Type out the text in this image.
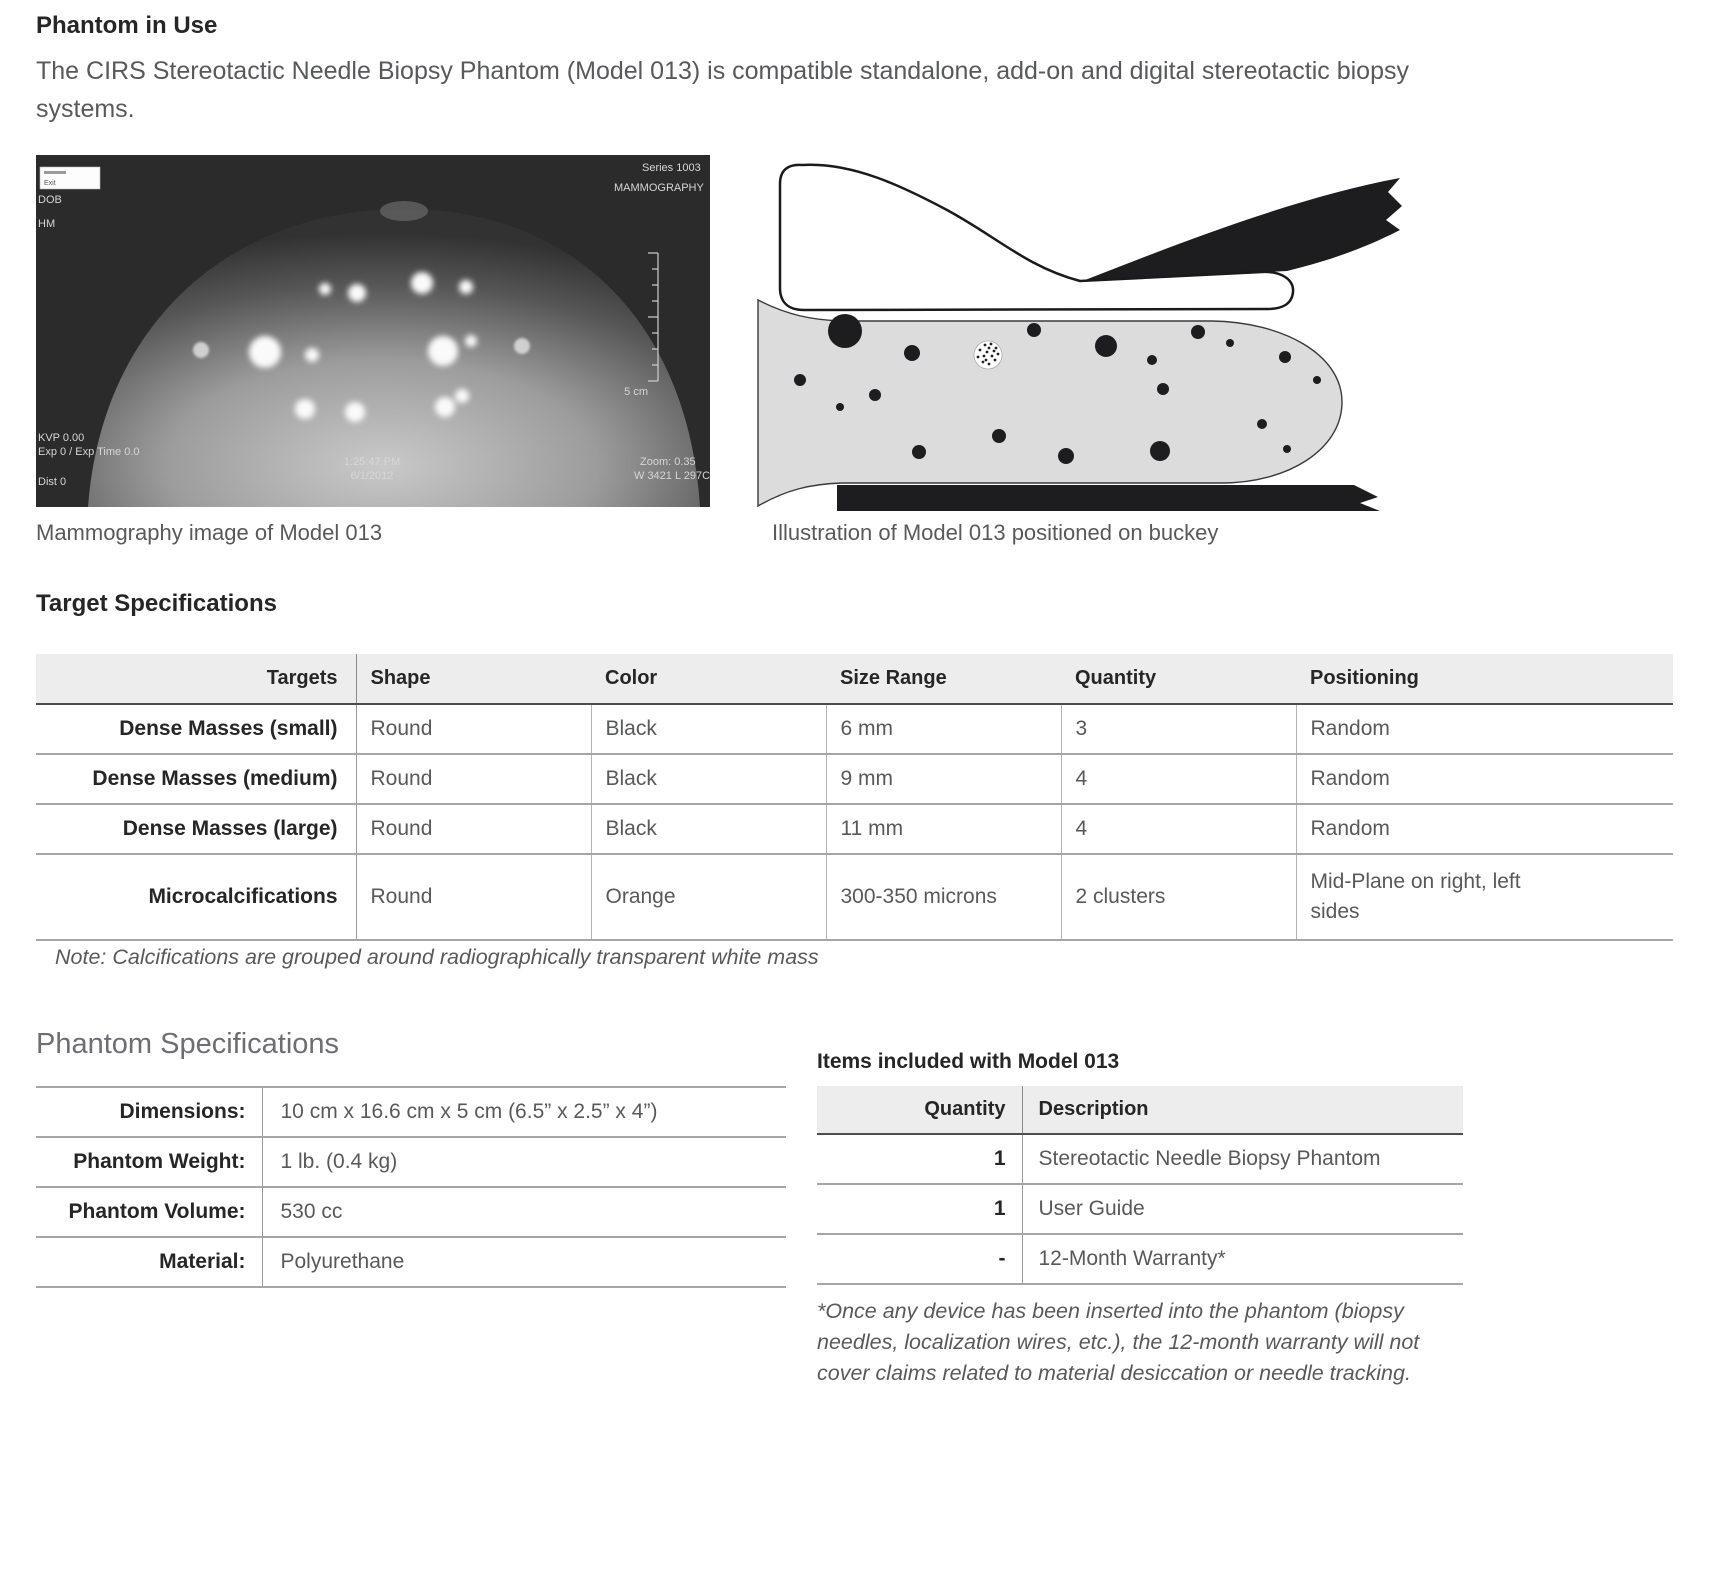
Phantom in Use
The CIRS Stereotactic Needle Biopsy Phantom (Model 013) is compatible standalone, add-on and digital stereotactic biopsy systems.
Exit
DOB
HM
Series 1003
MAMMOGRAPHY
5 cm
KVP 0.00
Exp 0 / Exp Time 0.0
Dist 0
1:25:47 PM
6/1/2012
Zoom: 0.35
W 3421 L 297C
Mammography image of Model 013	Illustration of Model 013 positioned on buckey
Target Specifications
Targets	Shape	Color	Size Range	Quantity	Positioning
Dense Masses (small)	Round	Black	6 mm	3	Random
Dense Masses (medium)	Round	Black	9 mm	4	Random
Dense Masses (large)	Round	Black	11 mm	4	Random
Microcalcifications	Round	Orange	300-350 microns	2 clusters	Mid-Plane on right, left sides
Note: Calcifications are grouped around radiographically transparent white mass
Phantom Specifications
Dimensions:	10 cm x 16.6 cm x 5 cm (6.5” x 2.5” x 4”)
Phantom Weight:	1 lb. (0.4 kg)
Phantom Volume:	530 cc
Material:	Polyurethane
Items included with Model 013
Quantity	Description
1	Stereotactic Needle Biopsy Phantom
1	User Guide
-	12-Month Warranty*
*Once any device has been inserted into the phantom (biopsy needles, localization wires, etc.), the 12-month warranty will not cover claims related to material desiccation or needle tracking.
